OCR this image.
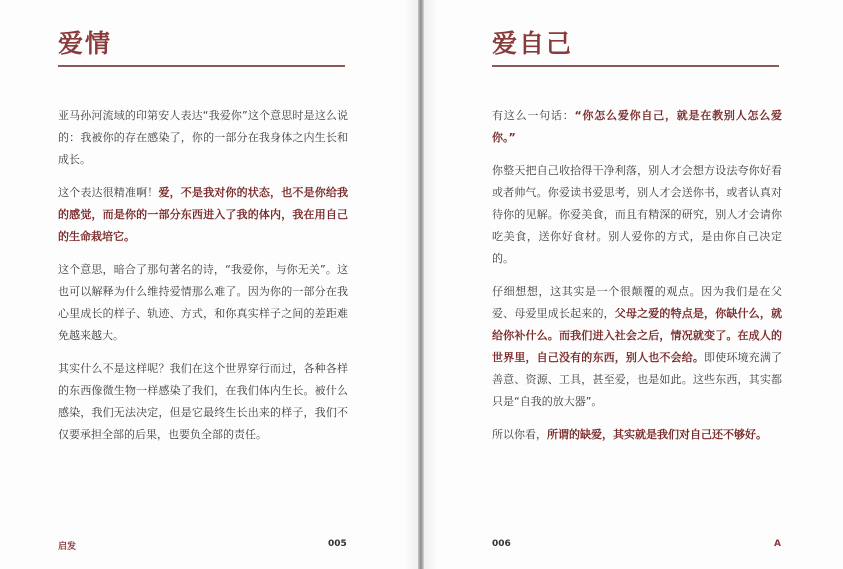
爱情

亚马孙河流域的印第安人表达“我爱你”这个意思时是这么说的：我被你的存在感染了，你的一部分在我身体之内生长和成长。

这个表达很精准啊！爱，不是我对你的状态，也不是你给我的感觉，而是你的一部分东西进入了我的体内，我在用自己的生命栽培它。

这个意思，暗合了那句著名的诗，“我爱你，与你无关”。这也可以解释为什么维持爱情那么难了。因为你的一部分在我心里成长的样子、轨迹、方式，和你真实样子之间的差距难免越来越大。

其实什么不是这样呢？我们在这个世界穿行而过，各种各样的东西像微生物一样感染了我们，在我们体内生长。被什么感染，我们无法决定，但是它最终生长出来的样子，我们不仅要承担全部的后果，也要负全部的责任。

启发	005
爱自己

有这么一句话：“你怎么爱你自己，就是在教别人怎么爱你。”

你整天把自己收拾得干净利落，别人才会想方设法夸你好看或者帅气。你爱读书爱思考，别人才会送你书，或者认真对待你的见解。你爱美食，而且有精深的研究，别人才会请你吃美食，送你好食材。别人爱你的方式，是由你自己决定的。

仔细想想，这其实是一个很颠覆的观点。因为我们是在父爱、母爱里成长起来的，父母之爱的特点是，你缺什么，就给你补什么。而我们进入社会之后，情况就变了。在成人的世界里，自己没有的东西，别人也不会给。即使环境充满了善意、资源、工具，甚至爱，也是如此。这些东西，其实都只是“自我的放大器”。

所以你看，所谓的缺爱，其实就是我们对自己还不够好。

006	A
